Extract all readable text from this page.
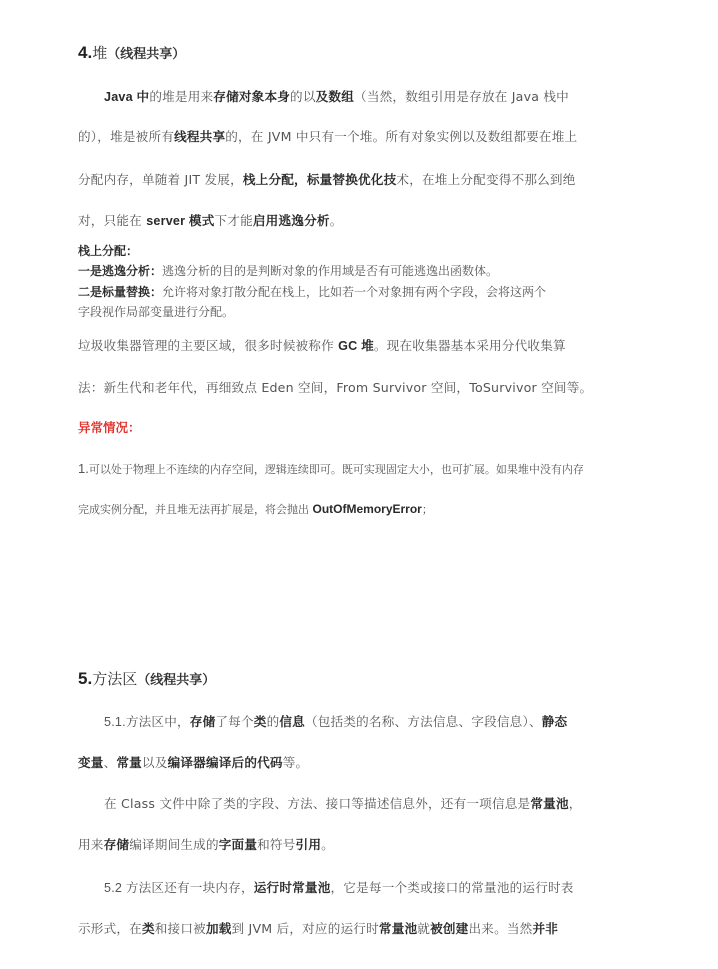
4.堆（线程共享）
Java 中的堆是用来存储对象本身的以及数组（当然，数组引用是存放在 Java 栈中
的），堆是被所有线程共享的，在 JVM 中只有一个堆。所有对象实例以及数组都要在堆上
分配内存，单随着 JIT 发展，栈上分配，标量替换优化技术，在堆上分配变得不那么到绝
对，只能在 server 模式下才能启用逃逸分析。
栈上分配：
一是逃逸分析：逃逸分析的目的是判断对象的作用域是否有可能逃逸出函数体。
二是标量替换：允许将对象打散分配在栈上，比如若一个对象拥有两个字段，会将这两个
字段视作局部变量进行分配。
垃圾收集器管理的主要区域，很多时候被称作 GC 堆。现在收集器基本采用分代收集算
法：新生代和老年代，再细致点 Eden 空间，From Survivor 空间，ToSurvivor 空间等。
异常情况：
1.可以处于物理上不连续的内存空间，逻辑连续即可。既可实现固定大小，也可扩展。如果堆中没有内存
完成实例分配，并且堆无法再扩展是，将会抛出 OutOfMemoryError；
5.方法区（线程共享）
5.1.方法区中，存储了每个类的信息（包括类的名称、方法信息、字段信息）、静态
变量、常量以及编译器编译后的代码等。
在 Class 文件中除了类的字段、方法、接口等描述信息外，还有一项信息是常量池，
用来存储编译期间生成的字面量和符号引用。
5.2 方法区还有一块内存，运行时常量池，它是每一个类或接口的常量池的运行时表
示形式，在类和接口被加载到 JVM 后，对应的运行时常量池就被创建出来。当然并非
